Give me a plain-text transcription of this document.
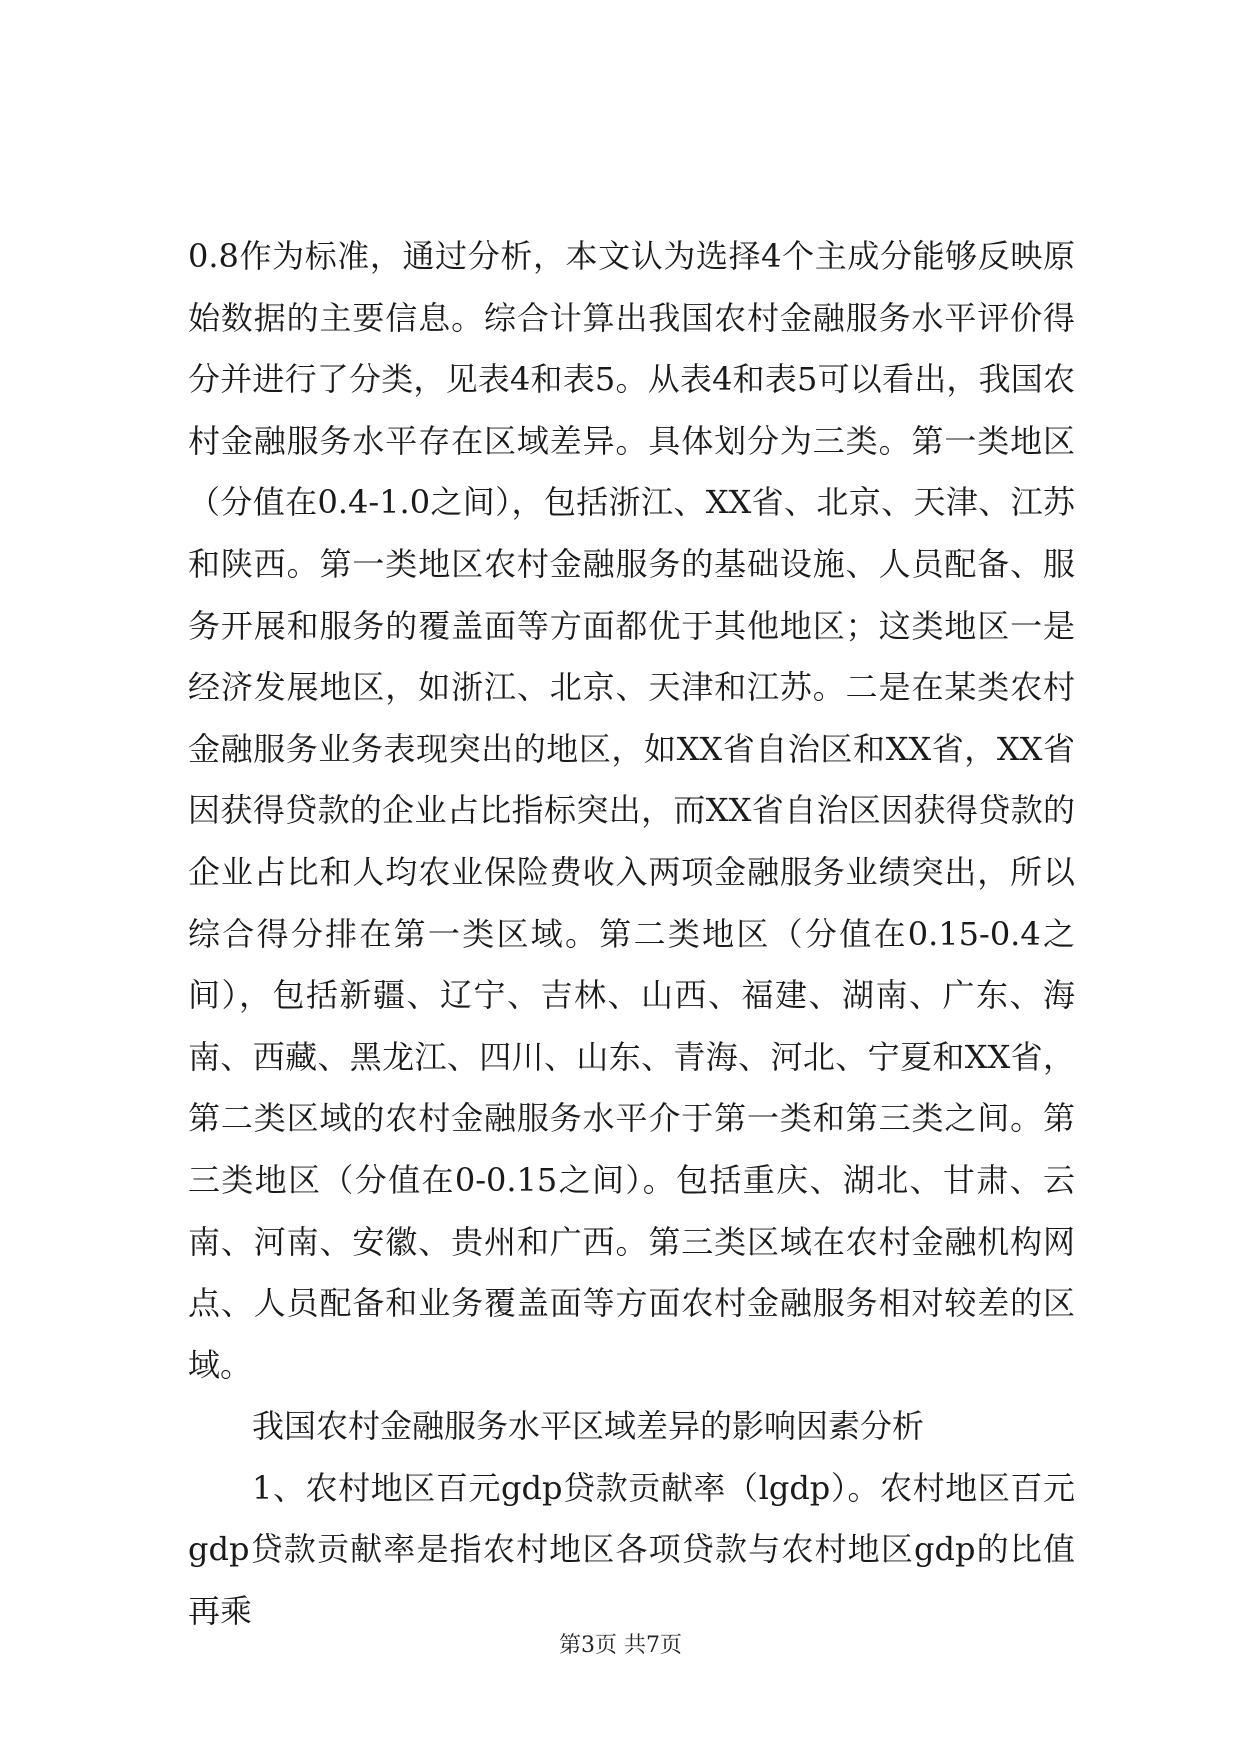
0.8作为标准，通过分析，本文认为选择4个主成分能够反映原始数据的主要信息。综合计算出我国农村金融服务水平评价得分并进行了分类，见表4和表5。从表4和表5可以看出，我国农村金融服务水平存在区域差异。具体划分为三类。第一类地区（分值在0.4-1.0之间），包括浙江、XX省、北京、天津、江苏和陕西。第一类地区农村金融服务的基础设施、人员配备、服务开展和服务的覆盖面等方面都优于其他地区；这类地区一是经济发展地区，如浙江、北京、天津和江苏。二是在某类农村金融服务业务表现突出的地区，如XX省自治区和XX省，XX省因获得贷款的企业占比指标突出，而XX省自治区因获得贷款的企业占比和人均农业保险费收入两项金融服务业绩突出，所以综合得分排在第一类区域。第二类地区（分值在0.15-0.4之间），包括新疆、辽宁、吉林、山西、福建、湖南、广东、海南、西藏、黑龙江、四川、山东、青海、河北、宁夏和XX省，第二类区域的农村金融服务水平介于第一类和第三类之间。第三类地区（分值在0-0.15之间）。包括重庆、湖北、甘肃、云南、河南、安徽、贵州和广西。第三类区域在农村金融机构网点、人员配备和业务覆盖面等方面农村金融服务相对较差的区域。

我国农村金融服务水平区域差异的影响因素分析

1、农村地区百元gdp贷款贡献率（lgdp）。农村地区百元gdp贷款贡献率是指农村地区各项贷款与农村地区gdp的比值再乘

第3页 共7页
